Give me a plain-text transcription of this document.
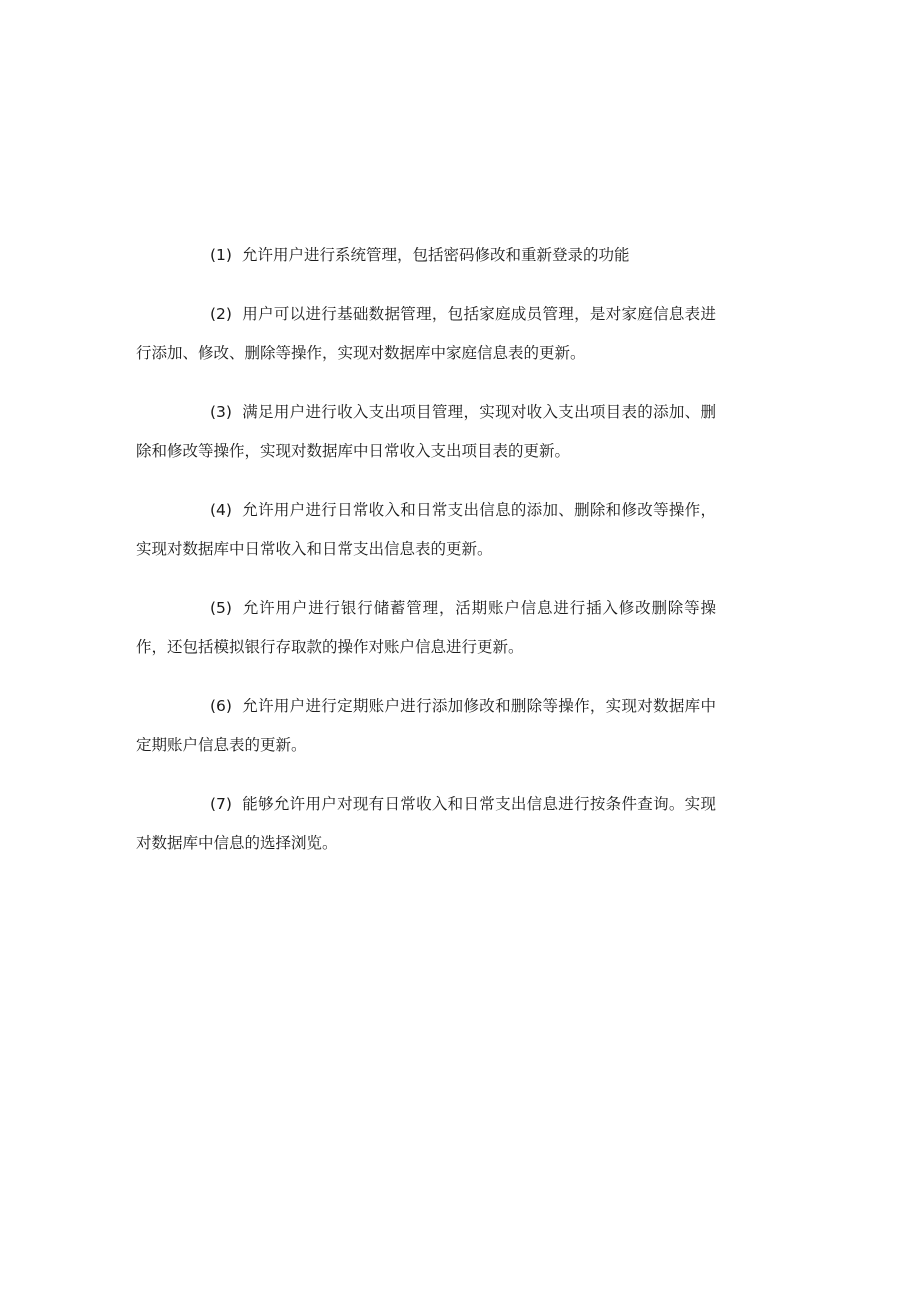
(1) 允许用户进行系统管理，包括密码修改和重新登录的功能

(2) 用户可以进行基础数据管理，包括家庭成员管理，是对家庭信息表进行添加、修改、删除等操作，实现对数据库中家庭信息表的更新。

(3) 满足用户进行收入支出项目管理，实现对收入支出项目表的添加、删除和修改等操作，实现对数据库中日常收入支出项目表的更新。

(4) 允许用户进行日常收入和日常支出信息的添加、删除和修改等操作，实现对数据库中日常收入和日常支出信息表的更新。

(5) 允许用户进行银行储蓄管理，活期账户信息进行插入修改删除等操作，还包括模拟银行存取款的操作对账户信息进行更新。

(6) 允许用户进行定期账户进行添加修改和删除等操作，实现对数据库中定期账户信息表的更新。

(7) 能够允许用户对现有日常收入和日常支出信息进行按条件查询。实现对数据库中信息的选择浏览。
